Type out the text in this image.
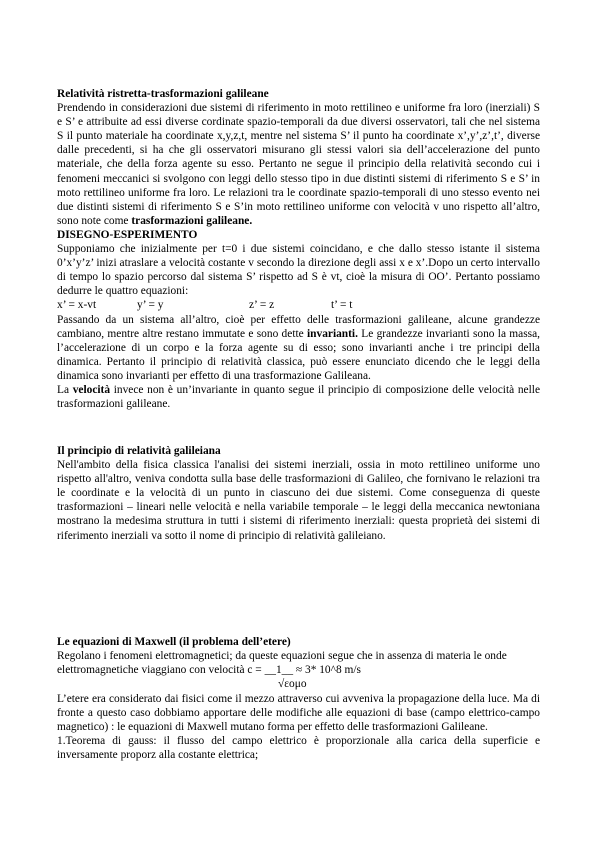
Relatività ristretta-trasformazioni galileane

Prendendo in considerazioni due sistemi di riferimento in moto rettilineo e uniforme fra loro (inerziali) S e S’ e attribuite ad essi diverse cordinate spazio-temporali da due diversi osservatori, tali che nel sistema S il punto materiale ha coordinate x,y,z,t, mentre nel sistema S’ il punto ha coordinate x’,y’,z’,t’, diverse dalle precedenti, si ha che gli osservatori misurano gli stessi valori sia dell’accelerazione del punto materiale, che della forza agente su esso. Pertanto ne segue il principio della relatività secondo cui i fenomeni meccanici si svolgono con leggi dello stesso tipo in due distinti sistemi di riferimento S e S’ in moto rettilineo uniforme fra loro. Le relazioni tra le coordinate spazio-temporali di uno stesso evento nei due distinti sistemi di riferimento S e S’in moto rettilineo uniforme con velocità v uno rispetto all’altro, sono note come trasformazioni galileane.

DISEGNO-ESPERIMENTO

Supponiamo che inizialmente per t=0 i due sistemi coincidano, e che dallo stesso istante il sistema 0’x’y’z’ inizi atraslare a velocità costante v secondo la direzione degli assi x e x’.Dopo un certo intervallo di tempo lo spazio percorso dal sistema S’ rispetto ad S è vt, cioè la misura di OO’. Pertanto possiamo dedurre le quattro equazioni:

x’ = x-vt	y’ = y	z’ = z	t’ = t

Passando da un sistema all’altro, cioè per effetto delle trasformazioni galileane, alcune grandezze cambiano, mentre altre restano immutate e sono dette invarianti. Le grandezze invarianti sono la massa, l’accelerazione di un corpo e la forza agente su di esso; sono invarianti anche i tre principi della dinamica. Pertanto il principio di relatività classica, può essere enunciato dicendo che le leggi della dinamica sono invarianti per effetto di una trasformazione Galileana.

La velocità invece non è un’invariante in quanto segue il principio di composizione delle velocità nelle trasformazioni galileane.

Il principio di relatività galileiana

Nell'ambito della fisica classica l'analisi dei sistemi inerziali, ossia in moto rettilineo uniforme uno rispetto all'altro, veniva condotta sulla base delle trasformazioni di Galileo, che fornivano le relazioni tra le coordinate e la velocità di un punto in ciascuno dei due sistemi. Come conseguenza di queste trasformazioni – lineari nelle velocità e nella variabile temporale – le leggi della meccanica newtoniana mostrano la medesima struttura in tutti i sistemi di riferimento inerziali: questa proprietà dei sistemi di riferimento inerziali va sotto il nome di principio di relatività galileiano.

Le equazioni di Maxwell (il problema dell’etere)
Regolano i fenomeni elettromagnetici; da queste equazioni segue che in assenza di materia le onde
elettromagnetiche viaggiano con velocità c = __1__ ≈ 3* 10^8 m/s
√εομο

L’etere era considerato dai fisici come il mezzo attraverso cui avveniva la propagazione della luce. Ma di fronte a questo caso dobbiamo apportare delle modifiche alle equazioni di base (campo elettrico-campo magnetico) : le equazioni di Maxwell mutano forma per effetto delle trasformazioni Galileane.

1.Teorema di gauss: il flusso del campo elettrico è proporzionale alla carica della superficie e inversamente proporz alla costante elettrica;
